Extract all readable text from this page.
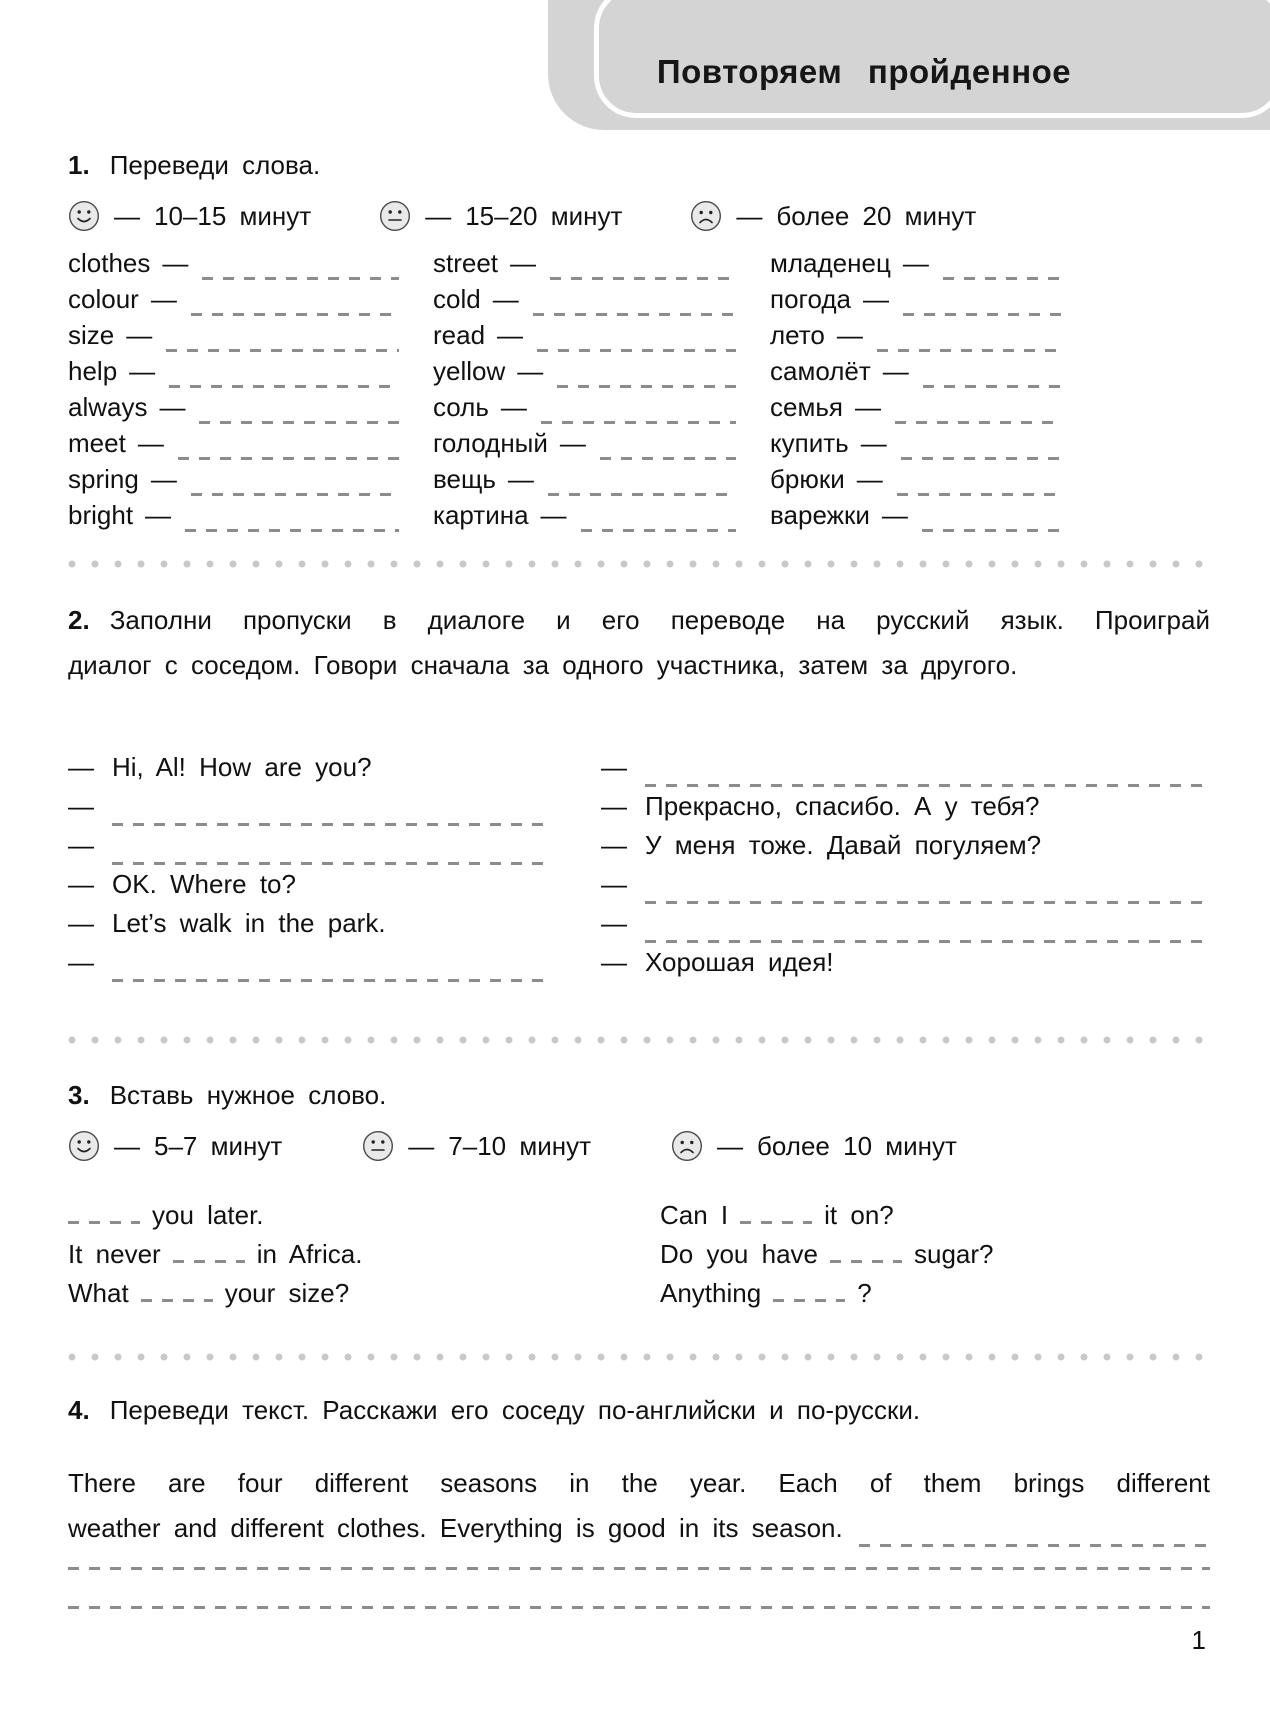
Повторяем пройденное
1. Переведи слова.
— 10–15 минут	— 15–20 минут	— более 20 минут
clothes —	street —	младенец —
colour —	cold —	погода —
size —	read —	лето —
help —	yellow —	самолёт —
always —	соль —	семья —
meet —	голодный —	купить —
spring —	вещь —	брюки —
bright —	картина —	варежки —
2. Заполни пропуски в диалоге и его переводе на русский язык. Проиграй
диалог с соседом. Говори сначала за одного участника, затем за другого.
— Hi, Al! How are you?	—
—	— Прекрасно, спасибо. А у тебя?
—	— У меня тоже. Давай погуляем?
— OK. Where to?	—
— Let’s walk in the park.	—
—	— Хорошая идея!
3. Вставь нужное слово.
— 5–7 минут	— 7–10 минут	— более 10 минут
you later.	Can I	it on?
It never	in Africa.	Do you have	sugar?
What	your size?	Anything	?
4. Переведи текст. Расскажи его соседу по-английски и по-русски.
There are four different seasons in the year. Each of them brings different
weather and different clothes. Everything is good in its season.
1
